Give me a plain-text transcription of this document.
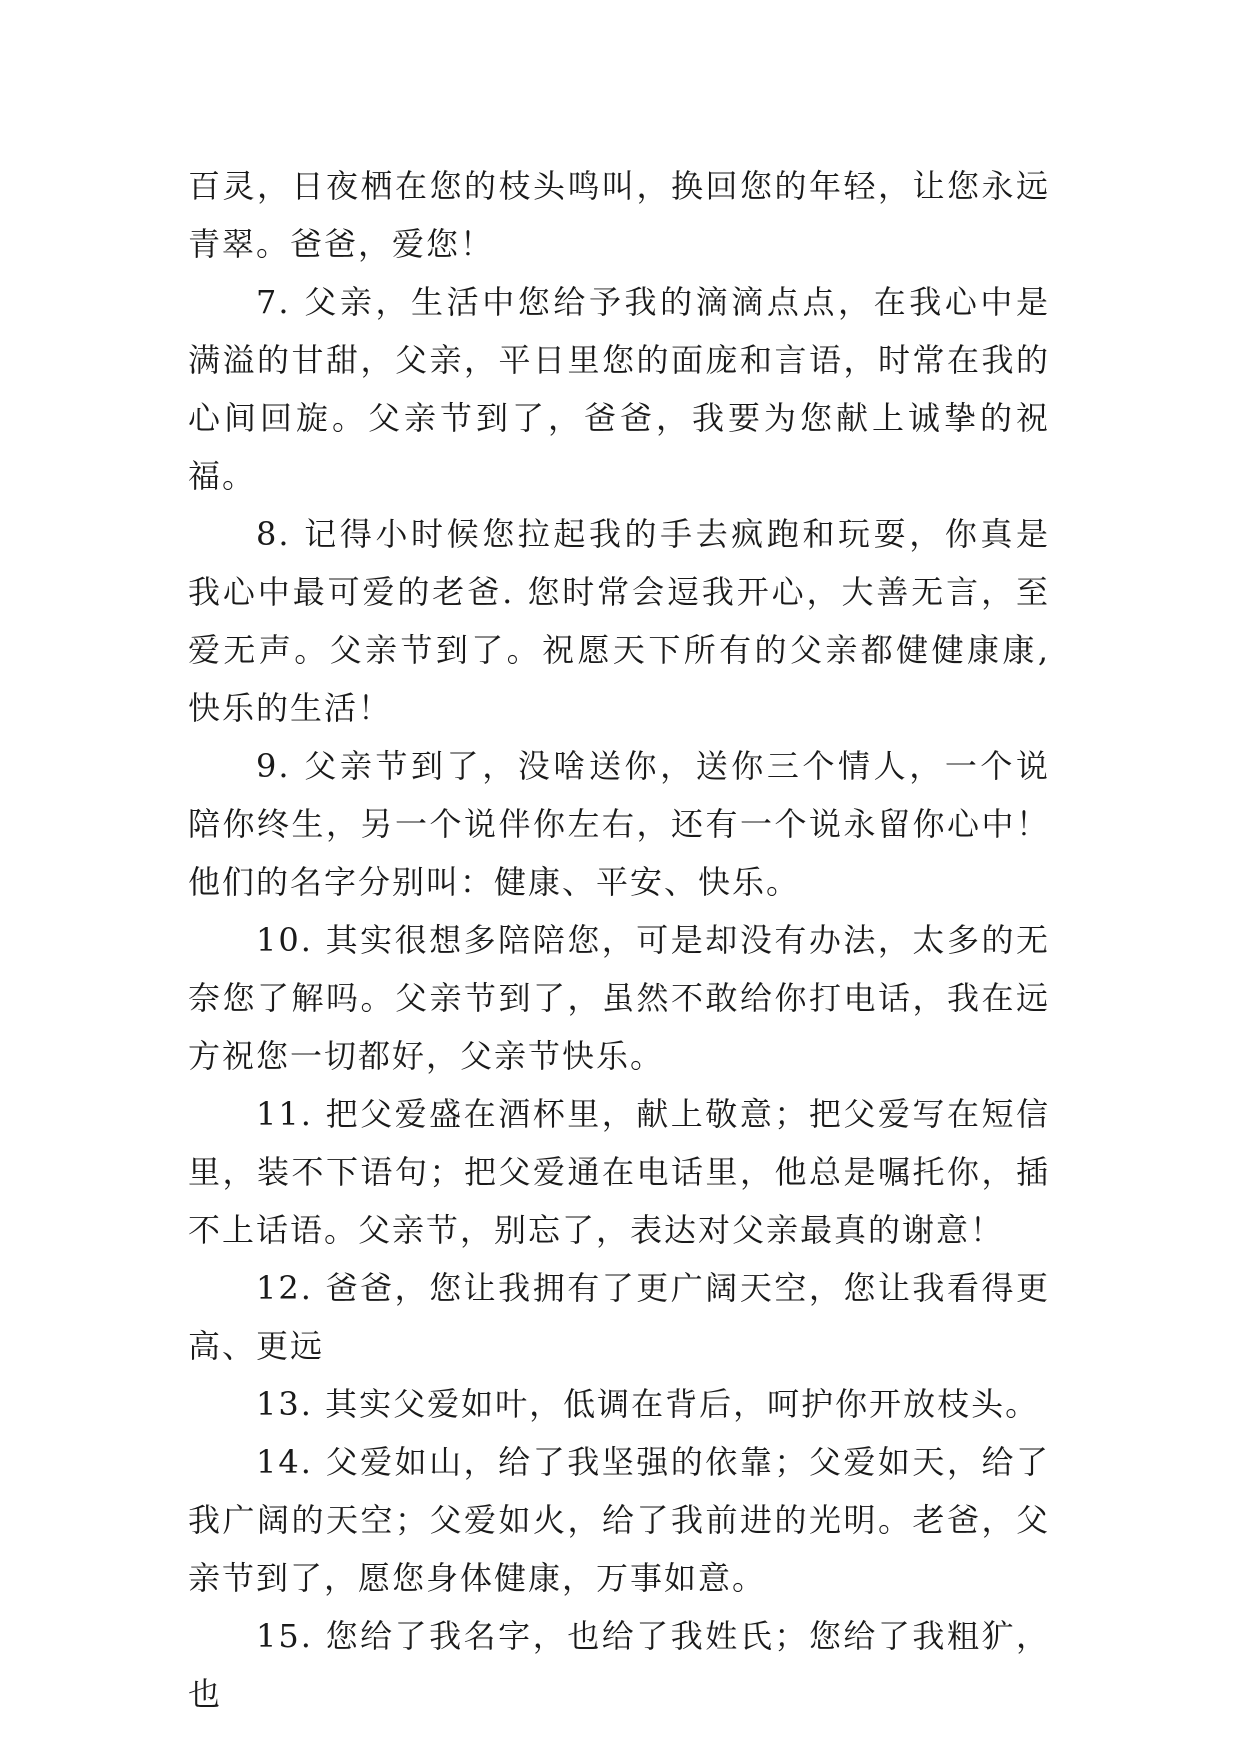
百灵，日夜栖在您的枝头鸣叫，换回您的年轻，让您永远青翠。爸爸，爱您！

7. 父亲，生活中您给予我的滴滴点点，在我心中是满溢的甘甜，父亲，平日里您的面庞和言语，时常在我的心间回旋。父亲节到了，爸爸，我要为您献上诚挚的祝福。

8. 记得小时候您拉起我的手去疯跑和玩耍，你真是我心中最可爱的老爸. 您时常会逗我开心，大善无言，至爱无声。父亲节到了。祝愿天下所有的父亲都健健康康,快乐的生活！

9. 父亲节到了，没啥送你，送你三个情人，一个说陪你终生，另一个说伴你左右，还有一个说永留你心中！他们的名字分别叫：健康、平安、快乐。

10. 其实很想多陪陪您，可是却没有办法，太多的无奈您了解吗。父亲节到了，虽然不敢给你打电话，我在远方祝您一切都好，父亲节快乐。

11. 把父爱盛在酒杯里，献上敬意；把父爱写在短信里，装不下语句；把父爱通在电话里，他总是嘱托你，插不上话语。父亲节，别忘了，表达对父亲最真的谢意！

12. 爸爸，您让我拥有了更广阔天空，您让我看得更高、更远

13. 其实父爱如叶，低调在背后，呵护你开放枝头。

14. 父爱如山，给了我坚强的依靠；父爱如天，给了我广阔的天空；父爱如火，给了我前进的光明。老爸，父亲节到了，愿您身体健康，万事如意。

15. 您给了我名字，也给了我姓氏；您给了我粗犷，也
